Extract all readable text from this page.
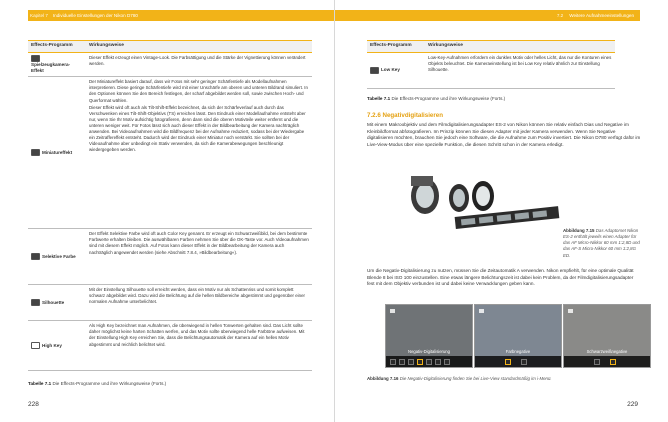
Kapitel 7	Individuelle Einstellungen der Nikon D780
Effects-Programm	Wirkungsweise
Spielzeugkamera-Effekt	Dieser Effekt erzeugt einen Vintage-Look. Die Farbsättigung und die Stärke der Vignettierung können verändert werden.

Miniatureffekt	Der Miniatureffekt basiert darauf, dass wir Fotos mit sehr geringer Schärfentiefe als Modellaufnahmen interpretieren. Diese geringe Schärfentiefe wird mit einer Unschärfe am oberen und unteren Bildrand simuliert. In den Optionen können Sie den Bereich festlegen, der scharf abgebildet werden soll, sowie zwischen Hoch- und Querformat wählen.

Dieser Effekt wird oft auch als Tilt-Shift-Effekt bezeichnet, da sich der Schärfeverlauf auch durch das Verschwenken eines Tilt-Shift-Objektivs (TS) erreichen lässt. Den Eindruck einer Modellaufnahme entsteht aber nur, wenn Sie Ihr Motiv aufsichtig fotografieren, denn dann sind die oberen Motivteile weiter entfernt und die unteren weniger weit. Für Fotos lässt sich auch dieser Effekt in der Bildbearbeitung der Kamera nachträglich anwenden. Bei Videoaufnahmen wird die Bildfrequenz bei der Aufnahme reduziert, sodass bei der Wiedergabe ein Zeitraffereffekt entsteht. Dadurch wird der Eindruck einer Miniatur noch verstärkt. Sie sollten bei der Videoaufnahme aber unbedingt ein Stativ verwenden, da sich die Kamerabewegungen beschleunigt wiedergegeben werden.

Selektive Farbe	Der Effekt Selektive Farbe wird oft auch Color Key genannt. Er erzeugt ein Schwarzweißbild, bei dem bestimmte Farbwerte erhalten bleiben. Die auswählbaren Farben nehmen Sie über die OK-Taste vor. Auch Videoaufnahmen sind mit diesem Effekt möglich. Auf Fotos kann dieser Effekt in der Bildbearbeitung der Kamera auch nachträglich angewendet werden (siehe Abschnitt 7.8.4, »Bildbearbeitung«).

Silhouette	Mit der Einstellung Silhouette soll erreicht werden, dass ein Motiv nur als Schattenriss und somit komplett schwarz abgebildet wird. Dazu wird die Belichtung auf die hellen Bildbereiche abgestimmt und gegenüber einer normalen Aufnahme unterbelichtet.

High Key	Als High Key bezeichnet man Aufnahmen, die überwiegend in hellen Tonwerten gehalten sind. Das Licht sollte daher möglichst keine harten Schatten werfen, und das Motiv sollte überwiegend helle Farbtöne aufweisen. Mit der Einstellung High Key erreichen Sie, dass die Belichtungsautomatik der Kamera auf ein helles Motiv abgestimmt und reichlich belichtet wird.

Tabelle 7.1 Die Effects-Programme und ihre Wirkungsweise (Forts.)
228
7.2	Weitere Aufnahmeeinstellungen
Effects-Programm	Wirkungsweise
Low Key	Low-Key-Aufnahmen erfordern ein dunkles Motiv oder helles Licht, das nur die Konturen eines Objekts beleuchtet. Die Kameraeinstellung ist bei Low Key relativ ähnlich zur Einstellung Silhouette.

Tabelle 7.1 Die Effects-Programme und ihre Wirkungsweise (Forts.)
7.2.6 Negativdigitalisieren
Mit einem Makroobjektiv und dem Filmdigitalisierungsadapter ES-2 von Nikon können Sie relativ einfach Dias und Negative im Kleinbildformat abfotografieren. Im Prinzip können Sie diesen Adapter mit jeder Kamera verwenden. Wenn Sie Negative digitalisieren möchten, brauchen Sie jedoch eine Software, die die Aufnahme zum Positiv invertiert. Die Nikon D780 verfügt dafür im Live-View-Modus über eine spezielle Funktion, die diesen Schritt schon in der Kamera erledigt.
Abbildung 7.15 Das Adaptorset Nikon ES-2 enthält jeweils einen Adapter für das AF Micro-Nikkor 60 mm 1:2,8D und das AF-S Micro-Nikkor 60 mm 1:2,8G ED.
Um die Negativ-Digitalisierung zu nutzen, müssen Sie die Zeitautomatik A verwenden. Nikon empfiehlt, für eine optimale Qualität Blende 8 bei ISO 100 einzustellen. Eine etwas längere Belichtungszeit ist dabei kein Problem, da der Filmdigitalisierungsadapter fest mit dem Objektiv verbunden ist und dabei keine Verwacklungen geben kann.
Negativ-Digitalisierung	Farbnegative	Schwarzweißnegative
Abbildung 7.16 Die Negativ-Digitalisierung finden Sie bei Live-View standardmäßig im i-Menü.
229
